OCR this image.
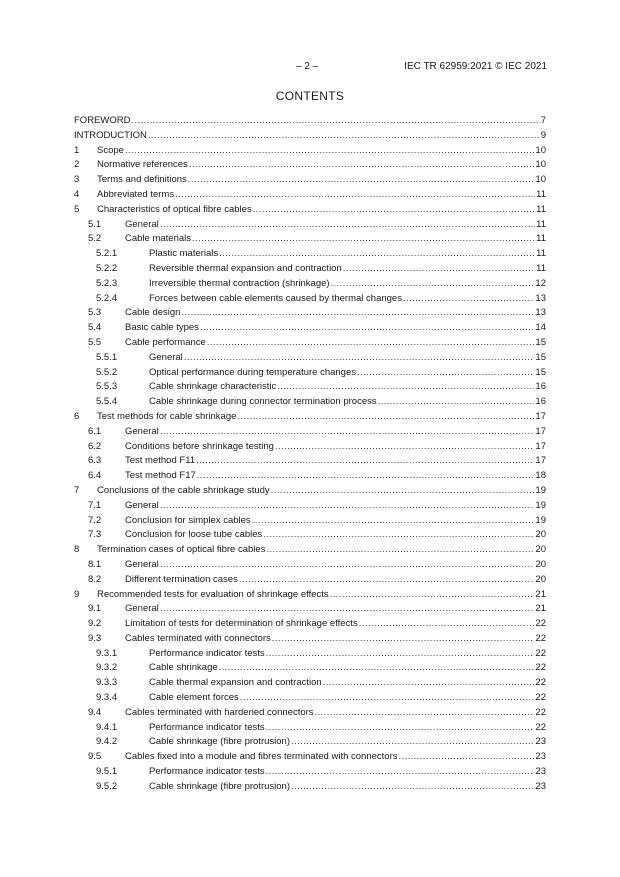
– 2 –	IEC TR 62959:2021 © IEC 2021
CONTENTS
FOREWORD .....	7
INTRODUCTION .....	9
1 Scope .....	10
2 Normative references .....	10
3 Terms and definitions .....	10
4 Abbreviated terms .....	11
5 Characteristics of optical fibre cables .....	11
5.1	General .....	11
5.2	Cable materials .....	11
5.2.1	Plastic materials .....	11
5.2.2	Reversible thermal expansion and contraction .....	11
5.2.3	Irreversible thermal contraction (shrinkage) .....	12
5.2.4	Forces between cable elements caused by thermal changes .....	13
5.3	Cable design .....	13
5.4	Basic cable types .....	14
5.5	Cable performance .....	15
5.5.1	General .....	15
5.5.2	Optical performance during temperature changes .....	15
5.5.3	Cable shrinkage characteristic .....	16
5.5.4	Cable shrinkage during connector termination process .....	16
6 Test methods for cable shrinkage .....	17
6.1	General .....	17
6.2	Conditions before shrinkage testing .....	17
6.3	Test method F11 .....	17
6.4	Test method F17 .....	18
7 Conclusions of the cable shrinkage study .....	19
7.1	General .....	19
7.2	Conclusion for simplex cables .....	19
7.3	Conclusion for loose tube cables .....	20
8 Termination cases of optical fibre cables .....	20
8.1	General .....	20
8.2	Different termination cases .....	20
9 Recommended tests for evaluation of shrinkage effects .....	21
9.1	General .....	21
9.2	Limitation of tests for determination of shrinkage effects .....	22
9.3	Cables terminated with connectors .....	22
9.3.1	Performance indicator tests .....	22
9.3.2	Cable shrinkage .....	22
9.3.3	Cable thermal expansion and contraction .....	22
9.3.4	Cable element forces .....	22
9.4	Cables terminated with hardened connectors .....	22
9.4.1	Performance indicator tests .....	22
9.4.2	Cable shrinkage (fibre protrusion) .....	23
9.5	Cables fixed into a module and fibres terminated with connectors .....	23
9.5.1	Performance indicator tests .....	23
9.5.2	Cable shrinkage (fibre protrusion) .....	23
